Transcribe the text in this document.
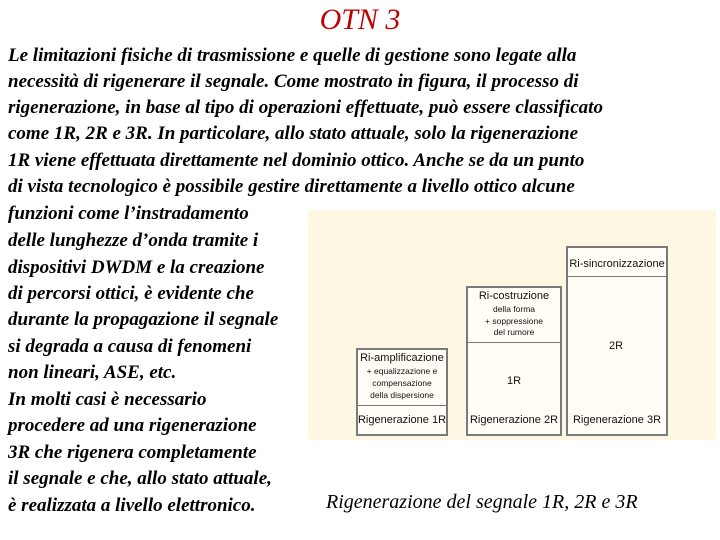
OTN 3
Le limitazioni fisiche di trasmissione e quelle di gestione sono legate alla
necessità di rigenerare il segnale. Come mostrato in figura, il processo di
rigenerazione, in base al tipo di operazioni effettuate, può essere classificato
come 1R, 2R e 3R. In particolare, allo stato attuale, solo la rigenerazione
1R viene effettuata direttamente nel dominio ottico. Anche se da un punto
di vista tecnologico è possibile gestire direttamente a livello ottico alcune
funzioni come l’instradamento
delle lunghezze d’onda tramite i
dispositivi DWDM e la creazione
di percorsi ottici, è evidente che
durante la propagazione il segnale
si degrada a causa di fenomeni
non lineari, ASE, etc.
In molti casi è necessario
procedere ad una rigenerazione
3R che rigenera completamente
il segnale e che, allo stato attuale,
è realizzata a livello elettronico.
Ri-sincronizzazione
Rigenerazione 3R
Ri-costruzione
della forma
+ soppressione
del rumore
Rigenerazione 2R
2R
Ri-amplificazione
+ equalizzazione e
compensazione
della dispersione
Rigenerazione 1R
1R
Rigenerazione del segnale 1R, 2R e 3R
